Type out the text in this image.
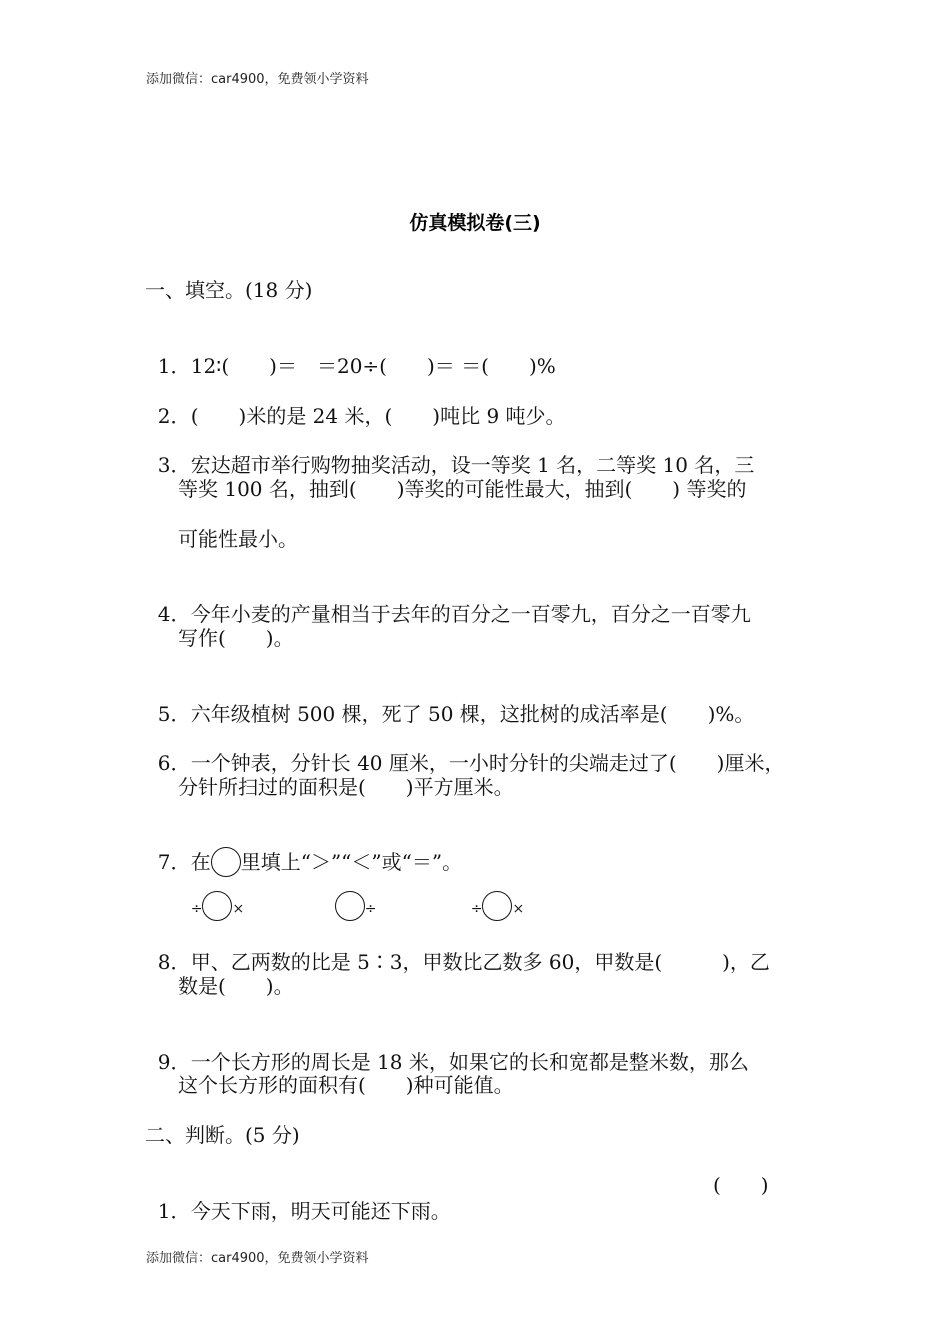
添加微信：car4900，免费领小学资料
仿真模拟卷(三)
一、填空。(18 分)

1．12∶(　　)＝　＝20÷(　　)＝ ＝(　　)%

2．(　　)米的是 24 米，(　　)吨比 9 吨少。

3．宏达超市举行购物抽奖活动，设一等奖 1 名，二等奖 10 名，三

等奖 100 名，抽到(　　)等奖的可能性最大，抽到(　　) 等奖的
可能性最小。

4．今年小麦的产量相当于去年的百分之一百零九，百分之一百零九

写作(　　)。

5．六年级植树 500 棵，死了 50 棵，这批树的成活率是(　　)%。

6．一个钟表，分针长 40 厘米，一小时分针的尖端走过了(　　)厘米，

分针所扫过的面积是(　　)平方厘米。

7．在 里填上“＞”“＜”或“＝”。

÷ ×	÷	÷ ×

8．甲、乙两数的比是 5∶3，甲数比乙数多 60，甲数是(　　　)，乙

数是(　　)。

9．一个长方形的周长是 18 米，如果它的长和宽都是整米数，那么

这个长方形的面积有(　　)种可能值。
二、判断。(5 分)

1．今天下雨，明天可能还下雨。

(　　)
添加微信：car4900，免费领小学资料
